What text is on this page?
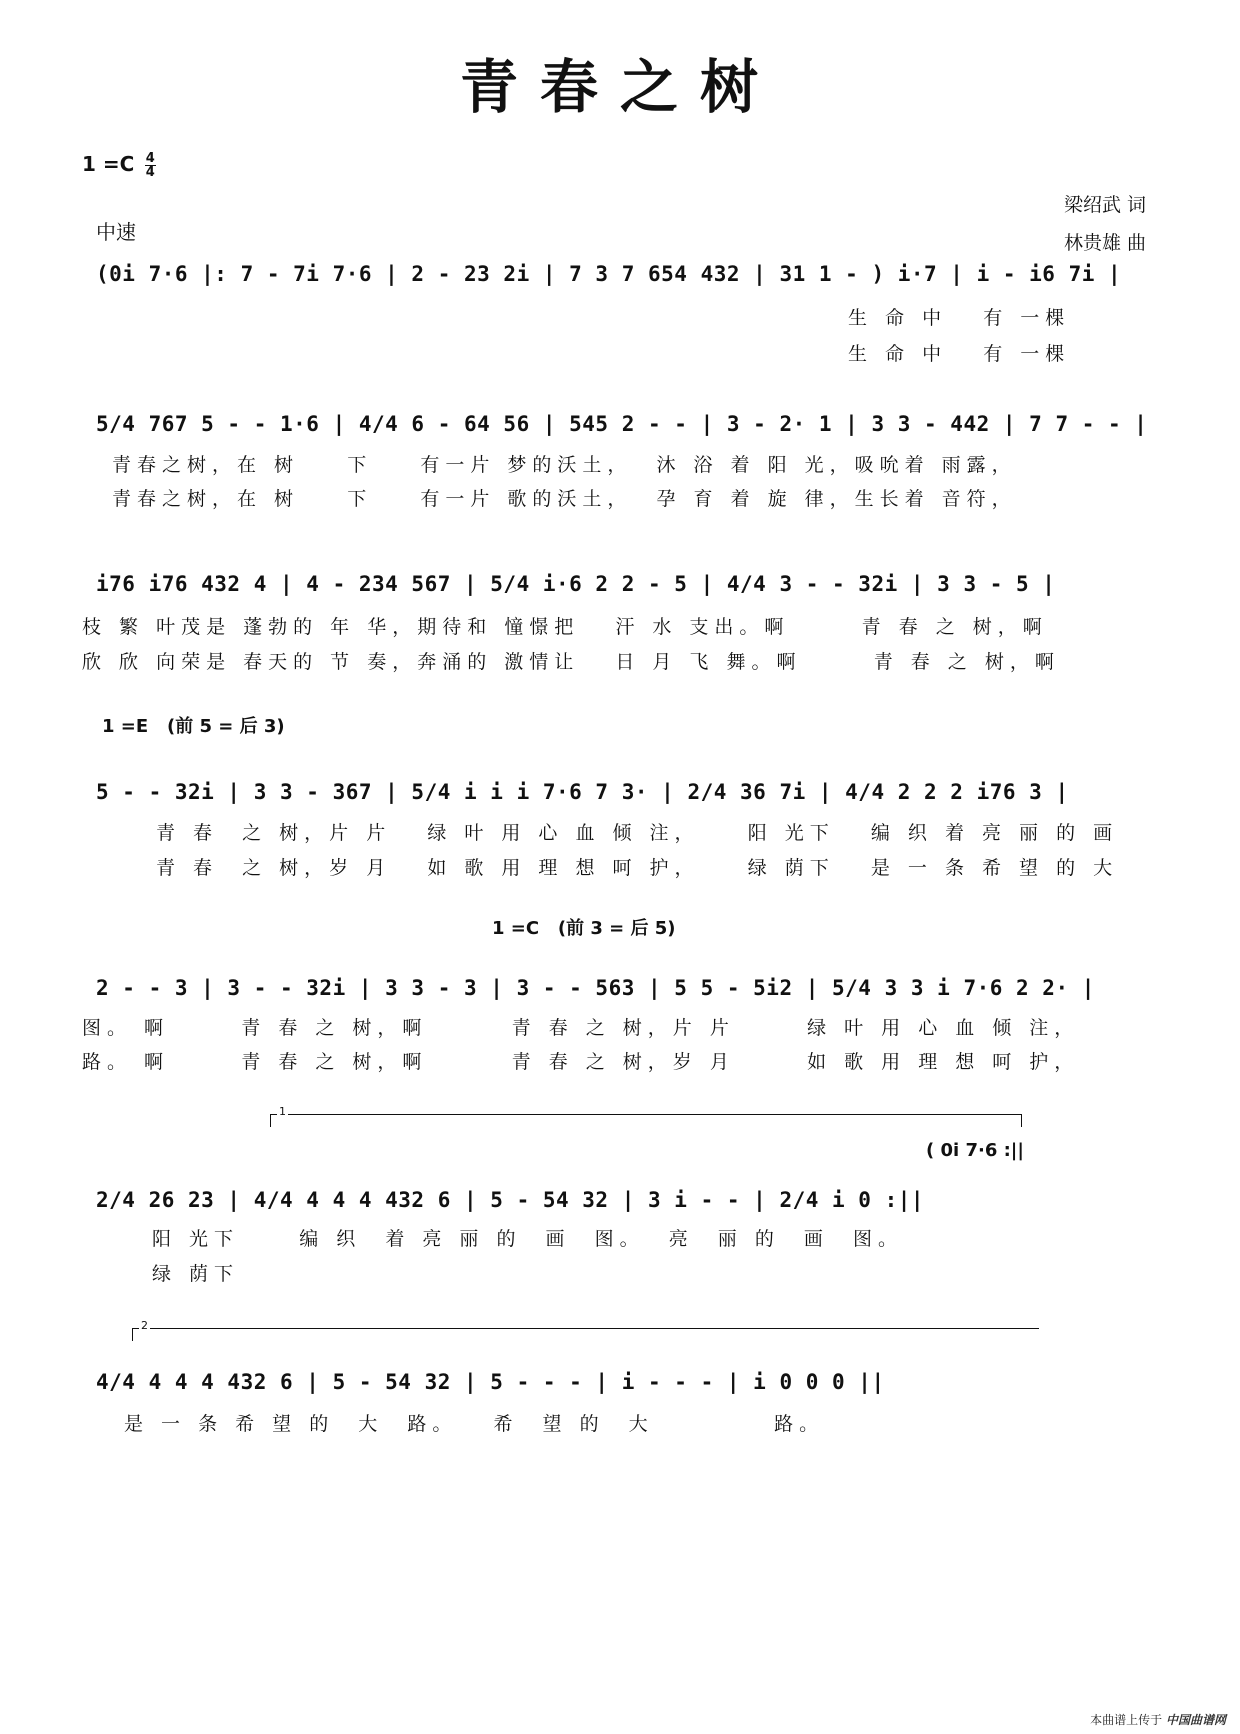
青春之树
$1 =C \frac{4}{4}$
中速
梁绍武 词
林贵雄 曲
(0i 7·6 |: 7 - 7i 7·6 | 2 - 23 2i | 7 3 7 654 432 | 31 1 - ) i·7 | i - i6 7i |
生 命 中   有 一棵
生 命 中   有 一棵
5/4 767 5 - - 1·6 | 4/4 6 - 64 56 | 545 2 - - | 3 - 2· 1 | 3 3 - 442 | 7 7 - - |
青春之树，在 树    下    有一片 梦的沃土，  沐 浴 着 阳 光，吸吮着 雨露，
青春之树，在 树    下    有一片 歌的沃土，  孕 育 着 旋 律，生长着 音符，
i76 i76 432 4 | 4 - 234 567 | 5/4 i·6 2 2 - 5 | 4/4 3 - - 32i | 3 3 - 5 |
枝 繁 叶茂是 蓬勃的 年 华，期待和 憧憬把   汗 水 支出。啊      青 春 之 树，啊
欣 欣 向荣是 春天的 节 奏，奔涌的 激情让   日 月 飞 舞。啊      青 春 之 树，啊
1 =E   (前 5 = 后 3)
5 - - 32i | 3 3 - 367 | 5/4 i i i 7·6 7 3· | 2/4 36 7i | 4/4 2 2 2 i76 3 |
青 春  之 树，片 片   绿 叶 用 心 血 倾 注，    阳 光下   编 织 着 亮 丽 的 画
青 春  之 树，岁 月   如 歌 用 理 想 呵 护，    绿 荫下   是 一 条 希 望 的 大
1 =C   (前 3 = 后 5)
2 - - 3 | 3 - - 32i | 3 3 - 3 | 3 - - 563 | 5 5 - 5i2 | 5/4 3 3 i 7·6 2 2· |
图。 啊      青 春 之 树，啊       青 春 之 树，片 片      绿 叶 用 心 血 倾 注，
路。 啊      青 春 之 树，啊       青 春 之 树，岁 月      如 歌 用 理 想 呵 护，
1
( 0i 7·6 :||
2/4 26 23 | 4/4 4 4 4 432 6 | 5 - 54 32 | 3 i - - | 2/4 i 0 :||
阳 光下     编 织  着 亮 丽 的  画  图。  亮  丽 的  画  图。
绿 荫下
2
4/4 4 4 4 432 6 | 5 - 54 32 | 5 - - - | i - - - | i 0 0 0 ||
是 一 条 希 望 的  大  路。   希  望 的  大          路。
本曲谱上传于 中国曲谱网
